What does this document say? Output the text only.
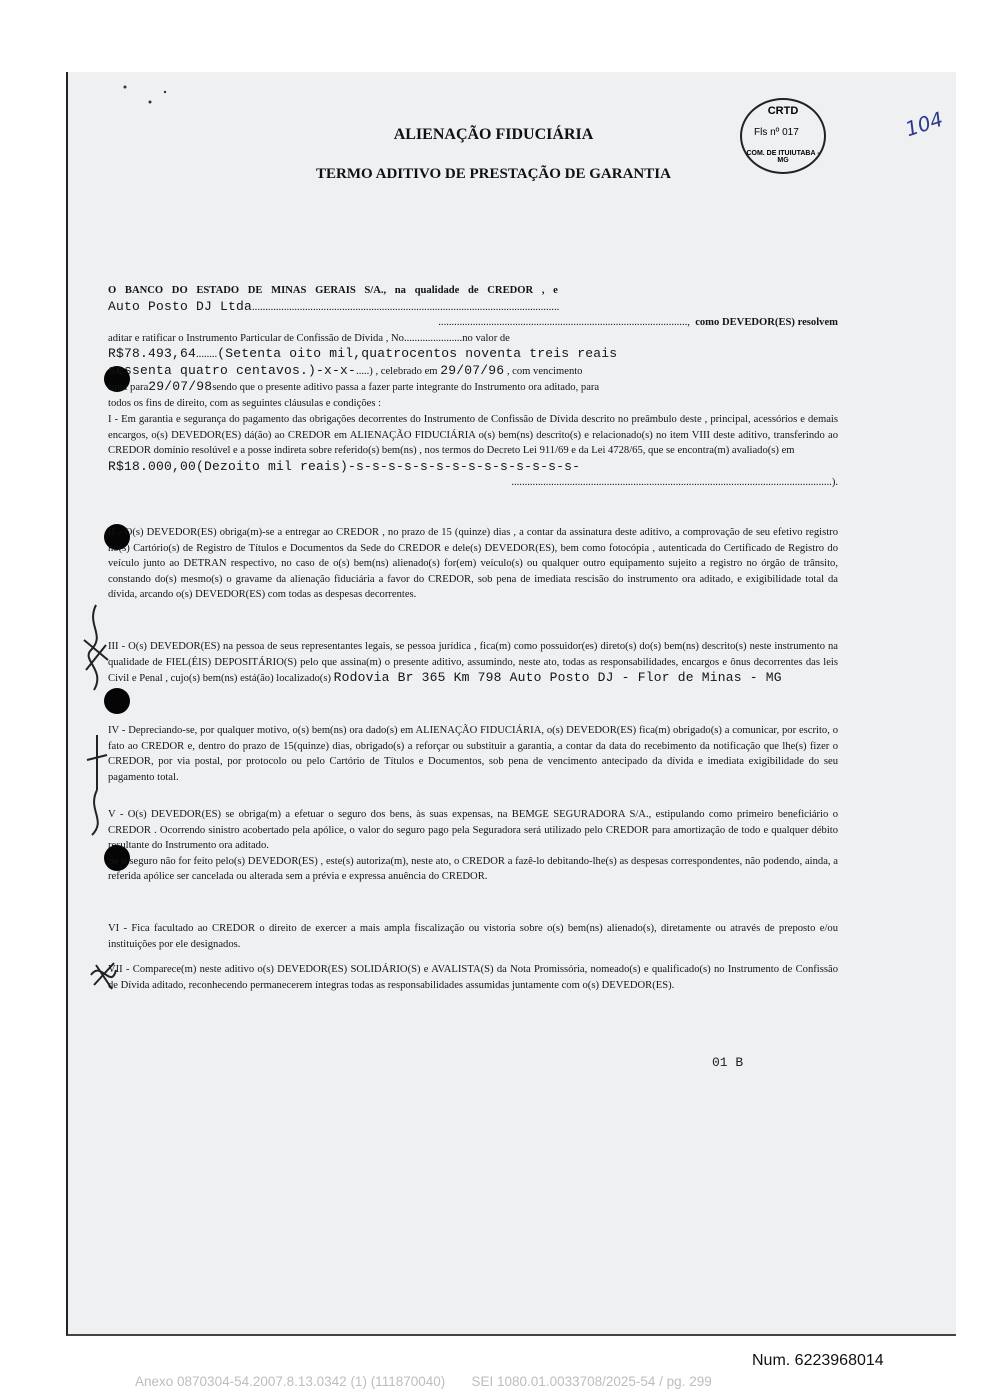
104
CRTD
Fls nº 017
COM. DE ITUIUTABA - MG
ALIENAÇÃO FIDUCIÁRIA
TERMO ADITIVO DE PRESTAÇÃO DE GARANTIA

O BANCO DO ESTADO DE MINAS GERAIS S/A., na qualidade de CREDOR , e

Auto Posto DJ Ltda....................................................................................................................

..............................................................................................,  como DEVEDOR(ES) resolvem

aditar e ratificar o Instrumento Particular de Confissão de Dívida , No......................no valor de

R$78.493,64........(Setenta oito mil,quatrocentos noventa treis reais

sessenta quatro centavos.)-x-x-.....) , celebrado em 29/07/96 , com vencimento

final para29/07/98sendo que o presente aditivo passa a fazer parte integrante do Instrumento ora aditado, para

todos os fins de direito, com as seguintes cláusulas e condições :

I - Em garantia e segurança do pagamento das obrigações decorrentes do Instrumento de Confissão de Dívida descrito no preâmbulo deste , principal, acessórios e demais encargos, o(s) DEVEDOR(ES) dá(ão) ao CREDOR em ALIENAÇÃO FIDUCIÁRIA o(s) bem(ns) descrito(s) e relacionado(s) no item VIII deste aditivo, transferindo ao CREDOR domínio resolúvel e a posse indireta sobre referido(s) bem(ns) , nos termos do Decreto Lei 911/69 e da Lei 4728/65, que se encontra(m) avaliado(s) em

R$18.000,00(Dezoito mil reais)-s-s-s-s-s-s-s-s-s-s-s-s-s-s-

.........................................................................................................................).

II - O(s) DEVEDOR(ES) obriga(m)-se a entregar ao CREDOR , no prazo de 15 (quinze) dias , a contar da assinatura deste aditivo, a comprovação de seu efetivo registro no(s) Cartório(s) de Registro de Títulos e Documentos da Sede do CREDOR e dele(s) DEVEDOR(ES), bem como fotocópia , autenticada do Certificado de Registro do veículo junto ao DETRAN respectivo, no caso de o(s) bem(ns) alienado(s) for(em) veículo(s) ou qualquer outro equipamento sujeito a registro no órgão de trânsito, constando do(s) mesmo(s) o gravame da alienação fiduciária a favor do CREDOR, sob pena de imediata rescisão do instrumento ora aditado, e exigibilidade total da dívida, arcando o(s) DEVEDOR(ES) com todas as despesas decorrentes.
III - O(s) DEVEDOR(ES) na pessoa de seus representantes legais, se pessoa jurídica , fica(m) como possuidor(es) direto(s) do(s) bem(ns) descrito(s) neste instrumento na qualidade de FIEL(ÉIS) DEPOSITÁRIO(S) pelo que assina(m) o presente aditivo, assumindo, neste ato, todas as responsabilidades, encargos e ônus decorrentes das leis Civil e Penal , cujo(s) bem(ns) está(ão) localizado(s) Rodovia Br 365 Km 798 Auto Posto DJ - Flor de Minas - MG
IV - Depreciando-se, por qualquer motivo, o(s) bem(ns) ora dado(s) em ALIENAÇÃO FIDUCIÁRIA, o(s) DEVEDOR(ES) fica(m) obrigado(s) a comunicar, por escrito, o fato ao CREDOR e, dentro do prazo de 15(quinze) dias, obrigado(s) a reforçar ou substituir a garantia, a contar da data do recebimento da notificação que lhe(s) fizer o CREDOR, por via postal, por protocolo ou pelo Cartório de Títulos e Documentos, sob pena de vencimento antecipado da dívida e imediata exigibilidade do seu pagamento total.

V - O(s) DEVEDOR(ES) se obriga(m) a efetuar o seguro dos bens, às suas expensas, na BEMGE SEGURADORA S/A., estipulando como primeiro beneficiário o CREDOR . Ocorrendo sinistro acobertado pela apólice, o valor do seguro pago pela Seguradora será utilizado pelo CREDOR para amortização de todo e qualquer débito resultante do Instrumento ora aditado.

Se o seguro não for feito pelo(s) DEVEDOR(ES) , este(s) autoriza(m), neste ato, o CREDOR a fazê-lo debitando-lhe(s) as despesas correspondentes, não podendo, ainda, a referida apólice ser cancelada ou alterada sem a prévia e expressa anuência do CREDOR.

VI - Fica facultado ao CREDOR o direito de exercer a mais ampla fiscalização ou vistoria sobre o(s) bem(ns) alienado(s), diretamente ou através de preposto e/ou instituições por ele designados.
VII - Comparece(m) neste aditivo o(s) DEVEDOR(ES) SOLIDÁRIO(S) e AVALISTA(S) da Nota Promissória, nomeado(s) e qualificado(s) no Instrumento de Confissão de Dívida aditado, reconhecendo permanecerem íntegras todas as responsabilidades assumidas juntamente com o(s) DEVEDOR(ES).
01 B
Num. 6223968014
Anexo 0870304-54.2007.8.13.0342 (1) (111870040)       SEI 1080.01.0033708/2025-54 / pg. 299
